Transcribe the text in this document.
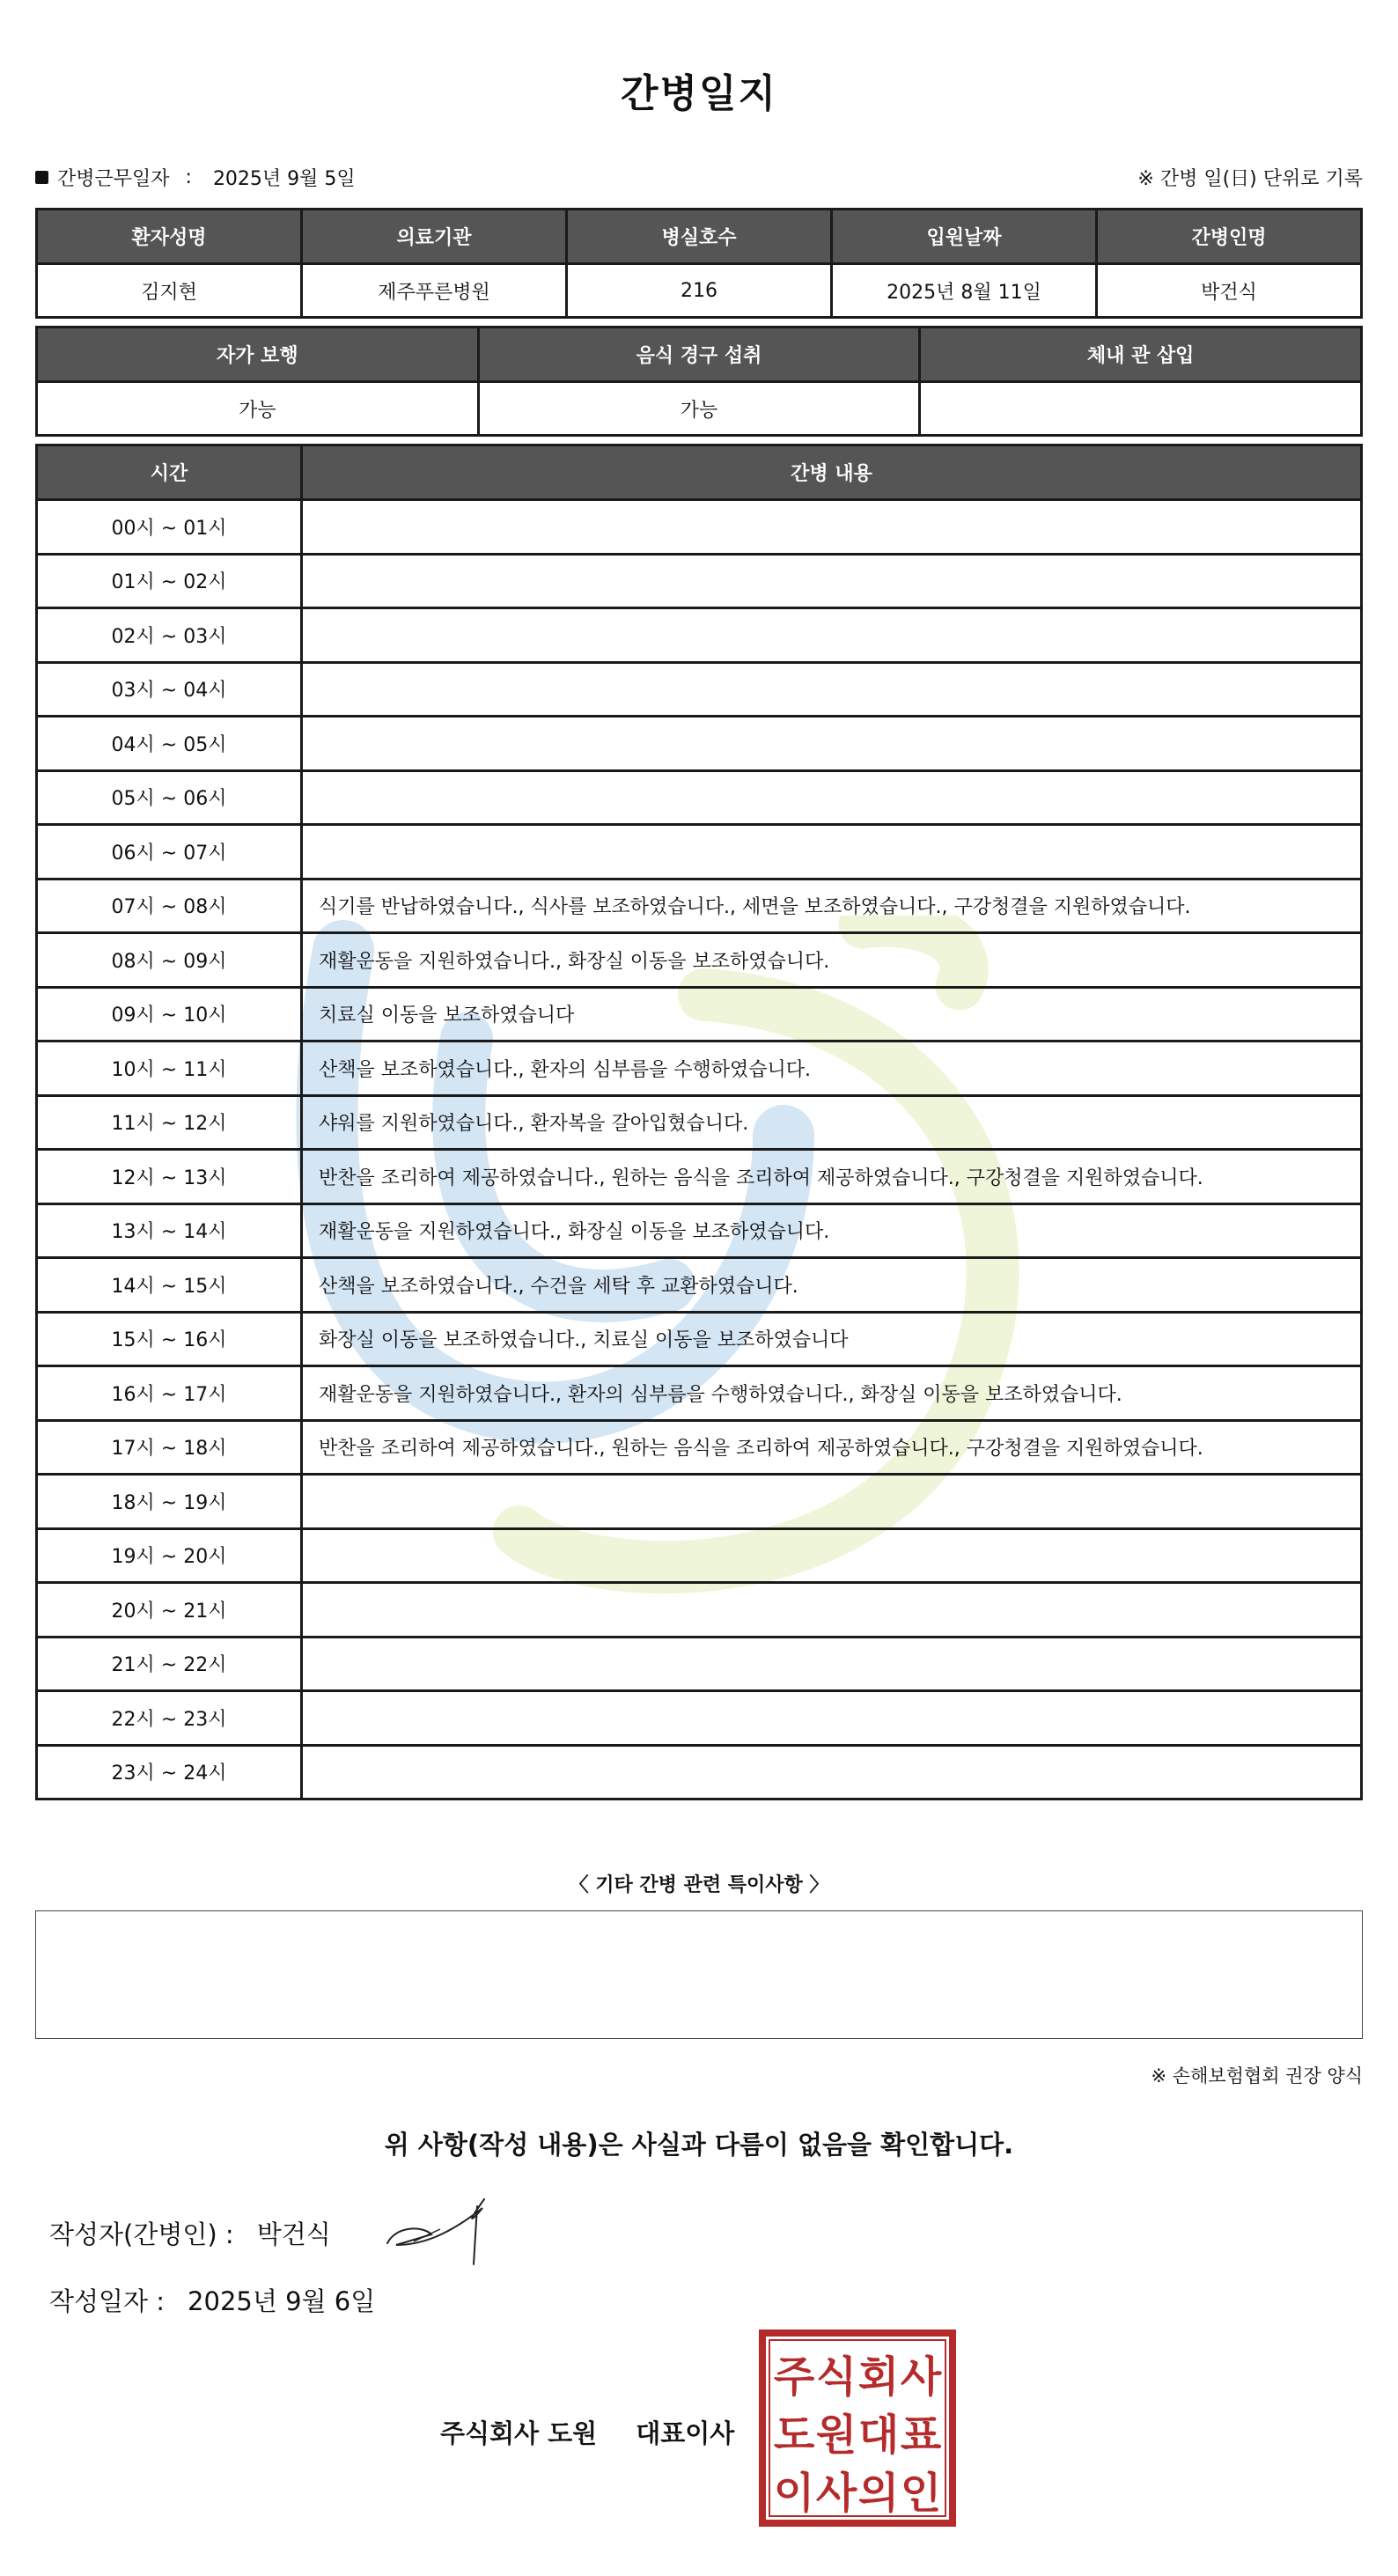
간병일지
간병근무일자 : 2025년 9월 5일	※ 간병 일(日) 단위로 기록
환자성명	의료기관	병실호수	입원날짜	간병인명
김지현	제주푸른병원	216	2025년 8월 11일	박건식
자가 보행	음식 경구 섭취	체내 관 삽입
가능	가능	
시간	간병 내용
00시 ~ 01시	
01시 ~ 02시	
02시 ~ 03시	
03시 ~ 04시	
04시 ~ 05시	
05시 ~ 06시	
06시 ~ 07시	
07시 ~ 08시	식기를 반납하였습니다., 식사를 보조하였습니다., 세면을 보조하였습니다., 구강청결을 지원하였습니다.
08시 ~ 09시	재활운동을 지원하였습니다., 화장실 이동을 보조하였습니다.
09시 ~ 10시	치료실 이동을 보조하였습니다
10시 ~ 11시	산책을 보조하였습니다., 환자의 심부름을 수행하였습니다.
11시 ~ 12시	샤워를 지원하였습니다., 환자복을 갈아입혔습니다.
12시 ~ 13시	반찬을 조리하여 제공하였습니다., 원하는 음식을 조리하여 제공하였습니다., 구강청결을 지원하였습니다.
13시 ~ 14시	재활운동을 지원하였습니다., 화장실 이동을 보조하였습니다.
14시 ~ 15시	산책을 보조하였습니다., 수건을 세탁 후 교환하였습니다.
15시 ~ 16시	화장실 이동을 보조하였습니다., 치료실 이동을 보조하였습니다
16시 ~ 17시	재활운동을 지원하였습니다., 환자의 심부름을 수행하였습니다., 화장실 이동을 보조하였습니다.
17시 ~ 18시	반찬을 조리하여 제공하였습니다., 원하는 음식을 조리하여 제공하였습니다., 구강청결을 지원하였습니다.
18시 ~ 19시	
19시 ~ 20시	
20시 ~ 21시	
21시 ~ 22시	
22시 ~ 23시	
23시 ~ 24시	
〈 기타 간병 관련 특이사항 〉
※ 손해보험협회 권장 양식
위 사항(작성 내용)은 사실과 다름이 없음을 확인합니다.
작성자(간병인) : 박건식
작성일자 : 2025년 9월 6일
주식회사 도원 대표이사
주 식 회 사
도 원 대 표
이 사 의 인
